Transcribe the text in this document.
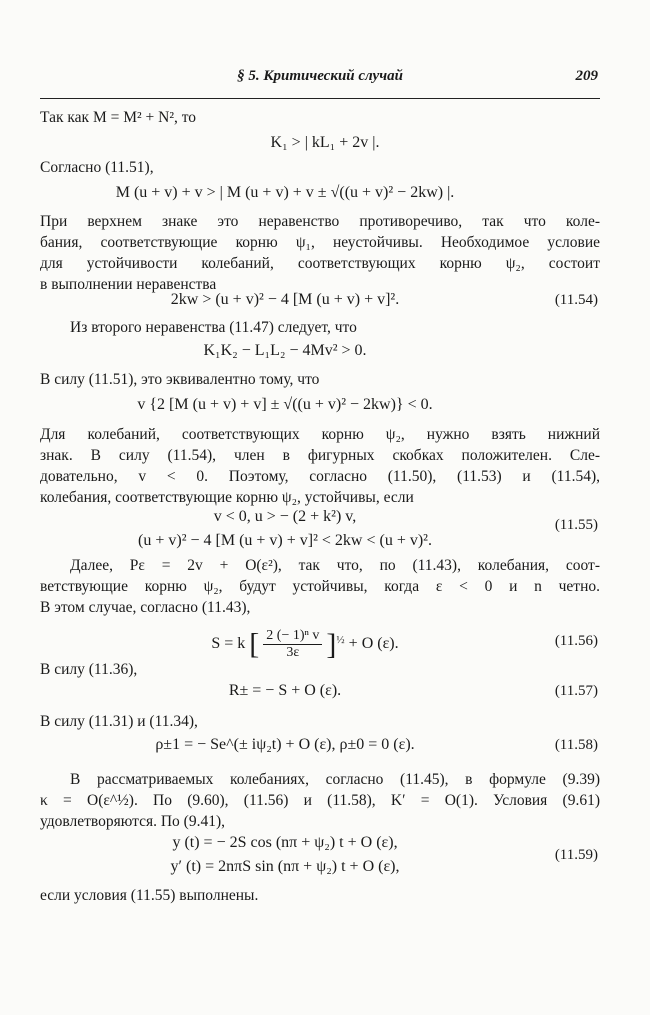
§ 5. Критический случай	209
Так как M = M² + N², то
K₁ > | kL₁ + 2v |.
Согласно (11.51),
M (u + v) + v > | M (u + v) + v ± √((u + v)² − 2kw) |.
При верхнем знаке это неравенство противоречиво, так что коле-
бания, соответствующие корню ψ₁, неустойчивы. Необходимое условие
для устойчивости колебаний, соответствующих корню ψ₂, состоит
в выполнении неравенства
2kw > (u + v)² − 4 [M (u + v) + v]².	(11.54)
Из второго неравенства (11.47) следует, что
K₁K₂ − L₁L₂ − 4Mv² > 0.
В силу (11.51), это эквивалентно тому, что
v {2 [M (u + v) + v] ± √((u + v)² − 2kw)} < 0.
Для колебаний, соответствующих корню ψ₂, нужно взять нижний
знак. В силу (11.54), член в фигурных скобках положителен. Сле-
довательно, v < 0. Поэтому, согласно (11.50), (11.53) и (11.54),
колебания, соответствующие корню ψ₂, устойчивы, если
v < 0, u > − (2 + k²) v,
(u + v)² − 4 [M (u + v) + v]² < 2kw < (u + v)².
(11.55)
Далее, Pε = 2v + O(ε²), так что, по (11.43), колебания, соот-
ветствующие корню ψ₂, будут устойчивы, когда ε < 0 и n четно.
В этом случае, согласно (11.43),
S = k [ $\frac{\text{2 (− 1)ⁿ v}}{3\varepsilon} ]^{\frac{1}{2}} + O$ (ε).	(11.56)
В силу (11.36),
R± = − S + O (ε).	(11.57)
В силу (11.31) и (11.34),
ρ±1 = − Se^(± iψ₂t) + O (ε), ρ±0 = 0 (ε).	(11.58)
В рассматриваемых колебаниях, согласно (11.45), в формуле (9.39)
κ = O(ε^½). По (9.60), (11.56) и (11.58), K′ = O(1). Условия (9.61)
удовлетворяются. По (9.41),
y (t) = − 2S cos (nπ + ψ₂) t + O (ε),
y′ (t) = 2nπS sin (nπ + ψ₂) t + O (ε),
(11.59)
если условия (11.55) выполнены.
